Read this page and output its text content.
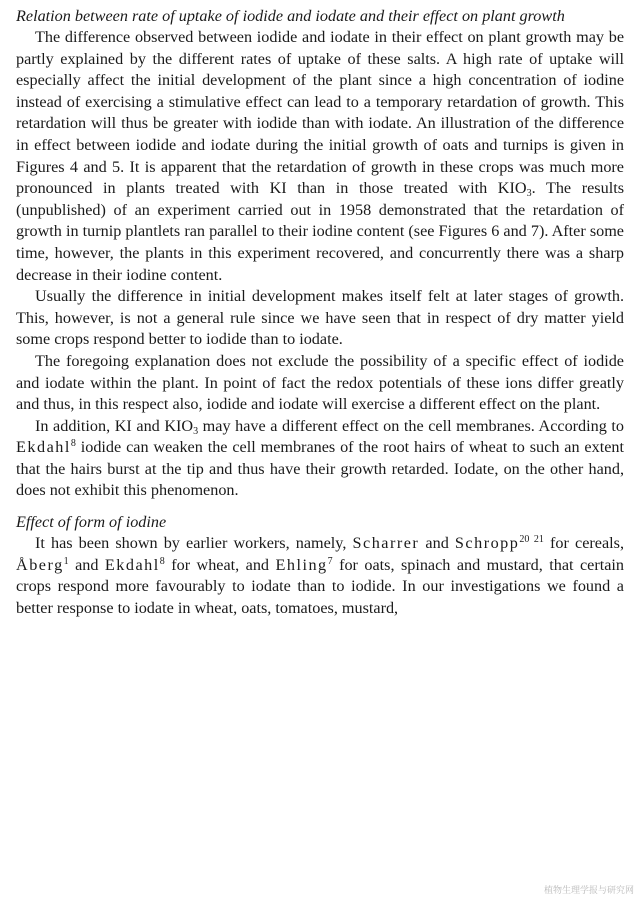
Relation between rate of uptake of iodide and iodate and their effect on plant growth

The difference observed between iodide and iodate in their effect on plant growth may be partly explained by the different rates of uptake of these salts. A high rate of uptake will especially affect the initial development of the plant since a high concentration of iodine instead of exercising a stimulative effect can lead to a temporary retardation of growth. This retardation will thus be greater with iodide than with iodate. An illustration of the difference in effect between iodide and iodate during the initial growth of oats and turnips is given in Figures 4 and 5. It is apparent that the retardation of growth in these crops was much more pronounced in plants treated with KI than in those treated with $KIO_3$. The results (unpublished) of an experiment carried out in 1958 demonstrated that the retardation of growth in turnip plantlets ran parallel to their iodine content (see Figures 6 and 7). After some time, however, the plants in this experiment recovered, and concurrently there was a sharp decrease in their iodine content.

Usually the difference in initial development makes itself felt at later stages of growth. This, however, is not a general rule since we have seen that in respect of dry matter yield some crops respond better to iodide than to iodate.

The foregoing explanation does not exclude the possibility of a specific effect of iodide and iodate within the plant. In point of fact the redox potentials of these ions differ greatly and thus, in this respect also, iodide and iodate will exercise a different effect on the plant.

In addition, KI and $KIO_3$ may have a different effect on the cell membranes. According to Ekdahl$^8$ iodide can weaken the cell membranes of the root hairs of wheat to such an extent that the hairs burst at the tip and thus have their growth retarded. Iodate, on the other hand, does not exhibit this phenomenon.

Effect of form of iodine

It has been shown by earlier workers, namely, Scharrer and Schropp$^{20 21}$ for cereals, Åberg$^1$ and Ekdahl$^8$ for wheat, and Ehling$^7$ for oats, spinach and mustard, that certain crops respond more favourably to iodate than to iodide. In our investigations we found a better response to iodate in wheat, oats, tomatoes, mustard,

植物生理学报与研究网
